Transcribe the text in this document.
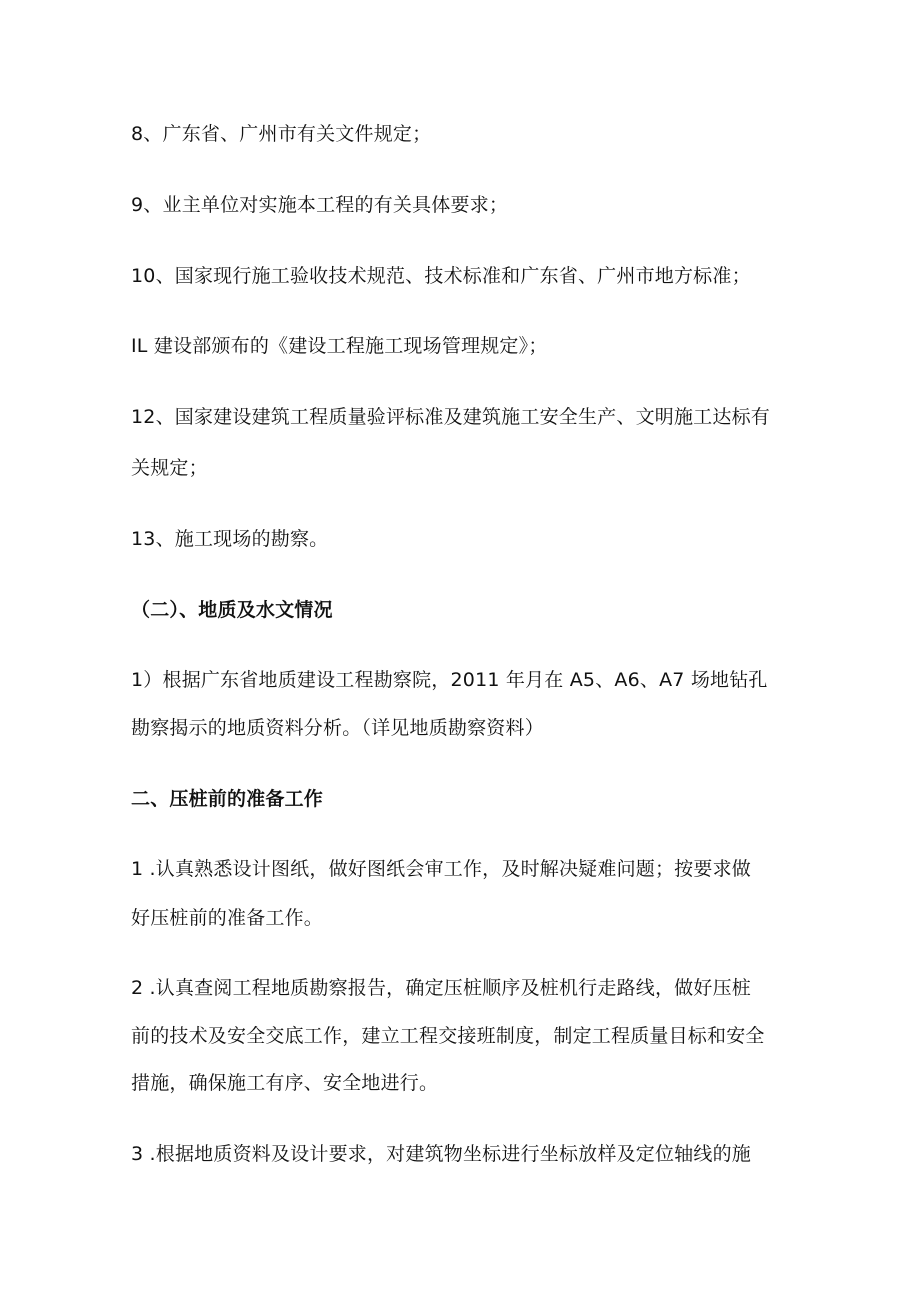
8、广东省、广州市有关文件规定；
9、业主单位对实施本工程的有关具体要求；
10、国家现行施工验收技术规范、技术标准和广东省、广州市地方标准；
IL 建设部颁布的《建设工程施工现场管理规定》；
12、国家建设建筑工程质量验评标准及建筑施工安全生产、文明施工达标有
关规定；
13、施工现场的勘察。
（二）、地质及水文情况
1）根据广东省地质建设工程勘察院，2011 年月在 A5、A6、A7 场地钻孔
勘察揭示的地质资料分析。（详见地质勘察资料）
二、压桩前的准备工作
1 .认真熟悉设计图纸，做好图纸会审工作，及时解决疑难问题；按要求做
好压桩前的准备工作。
2 .认真查阅工程地质勘察报告，确定压桩顺序及桩机行走路线，做好压桩
前的技术及安全交底工作，建立工程交接班制度，制定工程质量目标和安全
措施，确保施工有序、安全地进行。
3 .根据地质资料及设计要求，对建筑物坐标进行坐标放样及定位轴线的施
